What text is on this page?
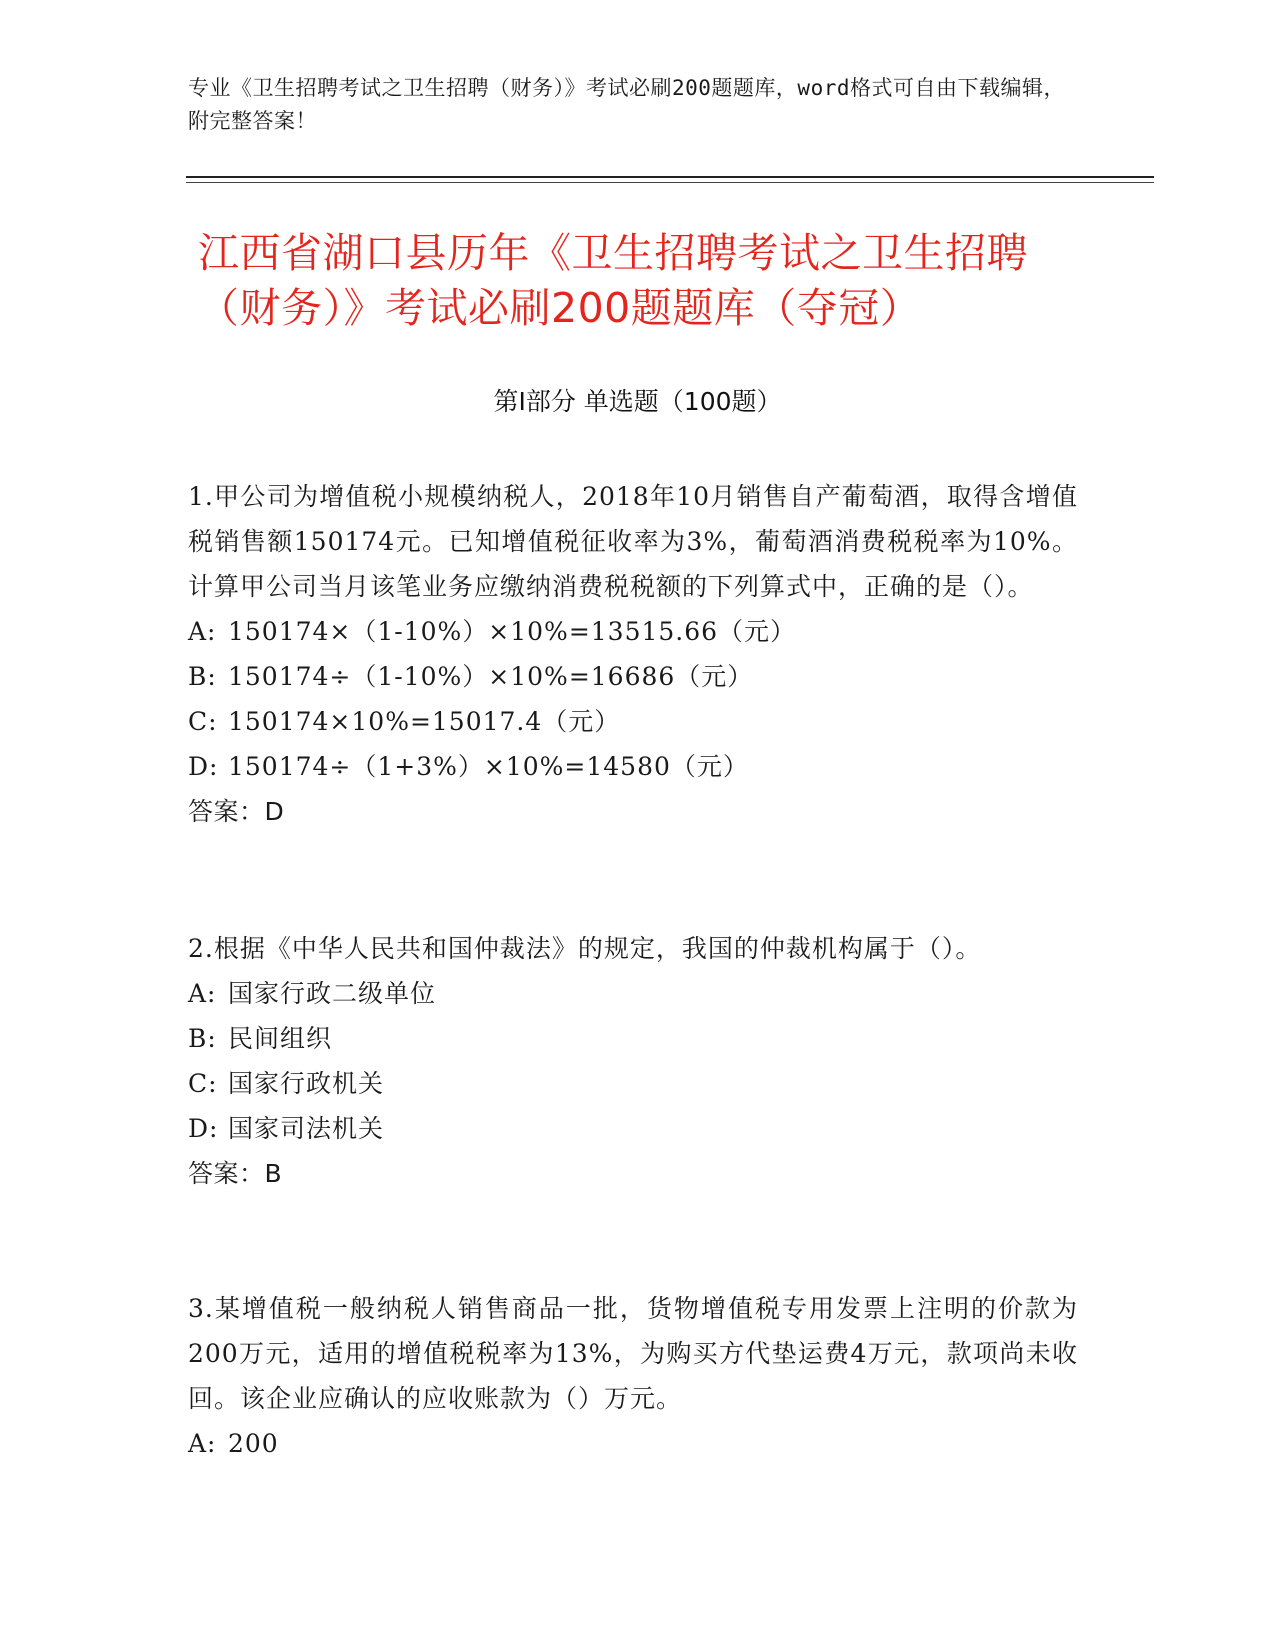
专业《卫生招聘考试之卫生招聘（财务）》考试必刷200题题库，word格式可自由下载编辑，附完整答案！
江西省湖口县历年《卫生招聘考试之卫生招聘（财务）》考试必刷200题题库（夺冠）
第I部分 单选题（100题）

1.甲公司为增值税小规模纳税人，2018年10月销售自产葡萄酒，取得含增值税销售额150174元。已知增值税征收率为3%，葡萄酒消费税税率为10%。计算甲公司当月该笔业务应缴纳消费税税额的下列算式中，正确的是（）。

A: 150174×（1-10%）×10%=13515.66（元）

B: 150174÷（1-10%）×10%=16686（元）

C: 150174×10%=15017.4（元）

D: 150174÷（1+3%）×10%=14580（元）

答案：D

2.根据《中华人民共和国仲裁法》的规定，我国的仲裁机构属于（）。

A: 国家行政二级单位

B: 民间组织

C: 国家行政机关

D: 国家司法机关

答案：B

3.某增值税一般纳税人销售商品一批，货物增值税专用发票上注明的价款为200万元，适用的增值税税率为13%，为购买方代垫运费4万元，款项尚未收回。该企业应确认的应收账款为（）万元。

A: 200
